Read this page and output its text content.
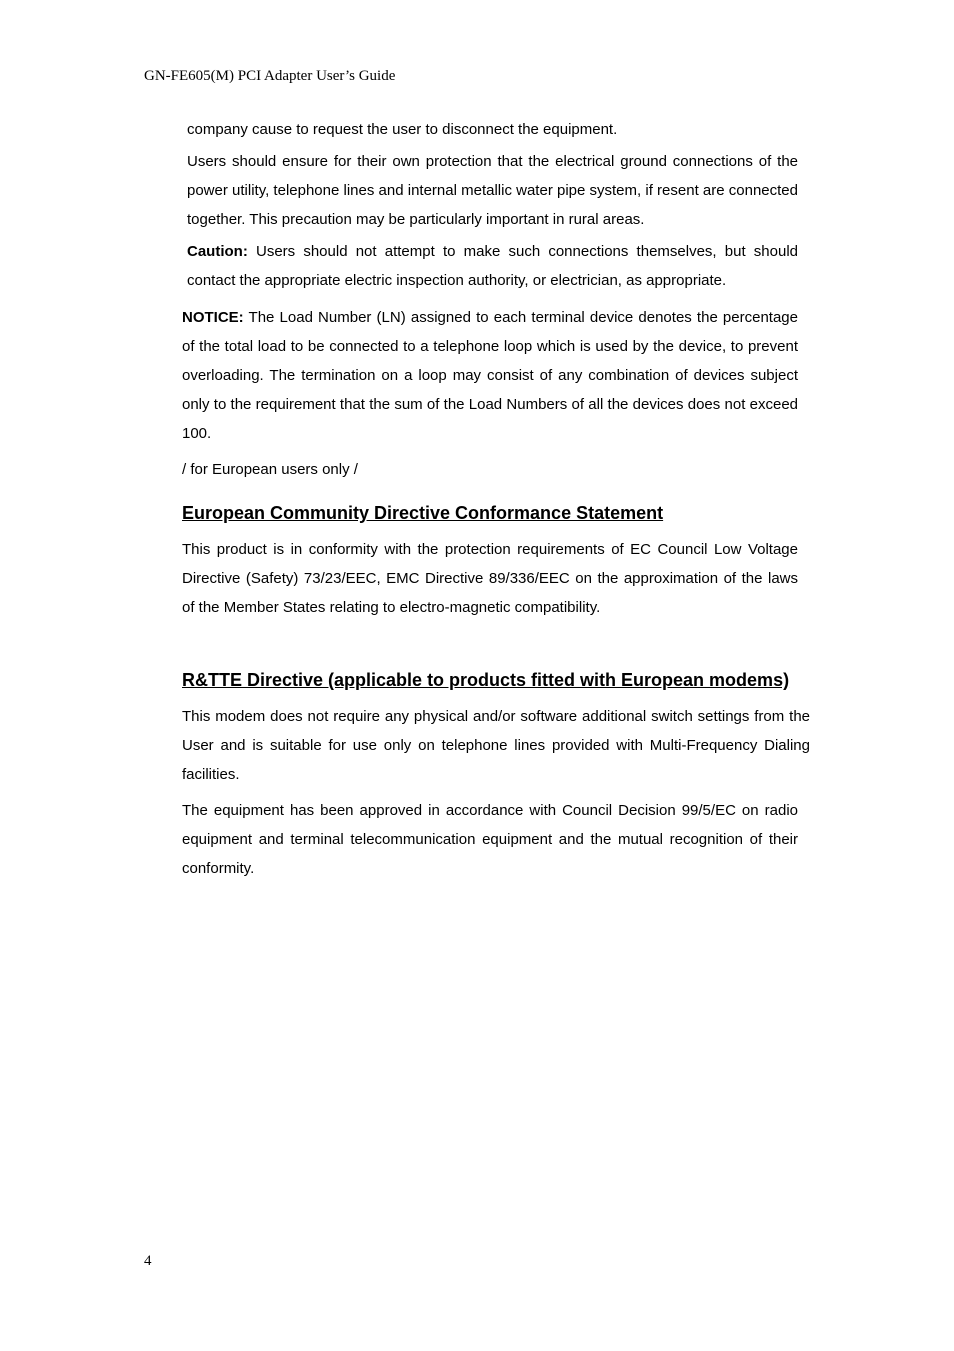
GN-FE605(M) PCI Adapter User’s Guide

company cause to request the user to disconnect the equipment.

Users should ensure for their own protection that the electrical ground connections of the power utility, telephone lines and internal metallic water pipe system, if resent are connected together. This precaution may be particularly important in rural areas.

Caution: Users should not attempt to make such connections themselves, but should contact the appropriate electric inspection authority, or electrician, as appropriate.

NOTICE: The Load Number (LN) assigned to each terminal device denotes the percentage of the total load to be connected to a telephone loop which is used by the device, to prevent overloading. The termination on a loop may consist of any combination of devices subject only to the requirement that the sum of the Load Numbers of all the devices does not exceed 100.

/ for European users only /

European Community Directive Conformance Statement

This product is in conformity with the protection requirements of EC Council Low Voltage Directive (Safety) 73/23/EEC, EMC Directive 89/336/EEC on the approximation of the laws of the Member States relating to electro-magnetic compatibility.

R&TTE Directive (applicable to products fitted with European modems)

This modem does not require any physical and/or software additional switch settings from the User and is suitable for use only on telephone lines provided with Multi-Frequency Dialing facilities.

The equipment has been approved in accordance with Council Decision 99/5/EC on radio equipment and terminal telecommunication equipment and the mutual recognition of their conformity.

4
